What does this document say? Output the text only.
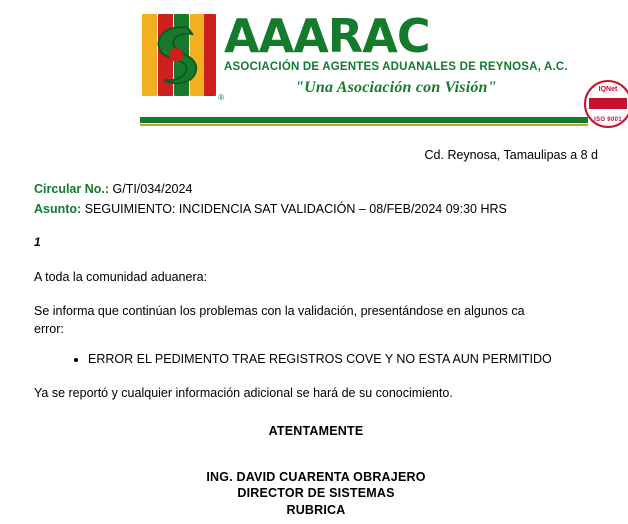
®
AAARAC
ASOCIACIÓN DE AGENTES ADUANALES DE REYNOSA, A.C.
"Una Asociación con Visión"	IQNet
ISO 9001
Cd. Reynosa, Tamaulipas a 8 d

Circular No.: G/TI/034/2024

Asunto: SEGUIMIENTO: INCIDENCIA SAT VALIDACIÓN – 08/FEB/2024 09:30 HRS

1

A toda la comunidad aduanera:

Se informa que continúan los problemas con la validación, presentándose en algunos ca
error:

• ERROR EL PEDIMENTO TRAE REGISTROS COVE Y NO ESTA AUN PERMITIDO

Ya se reportó y cualquier información adicional se hará de su conocimiento.

ATENTAMENTE
ING. DAVID CUARENTA OBRAJERO
DIRECTOR DE SISTEMAS
RUBRICA
